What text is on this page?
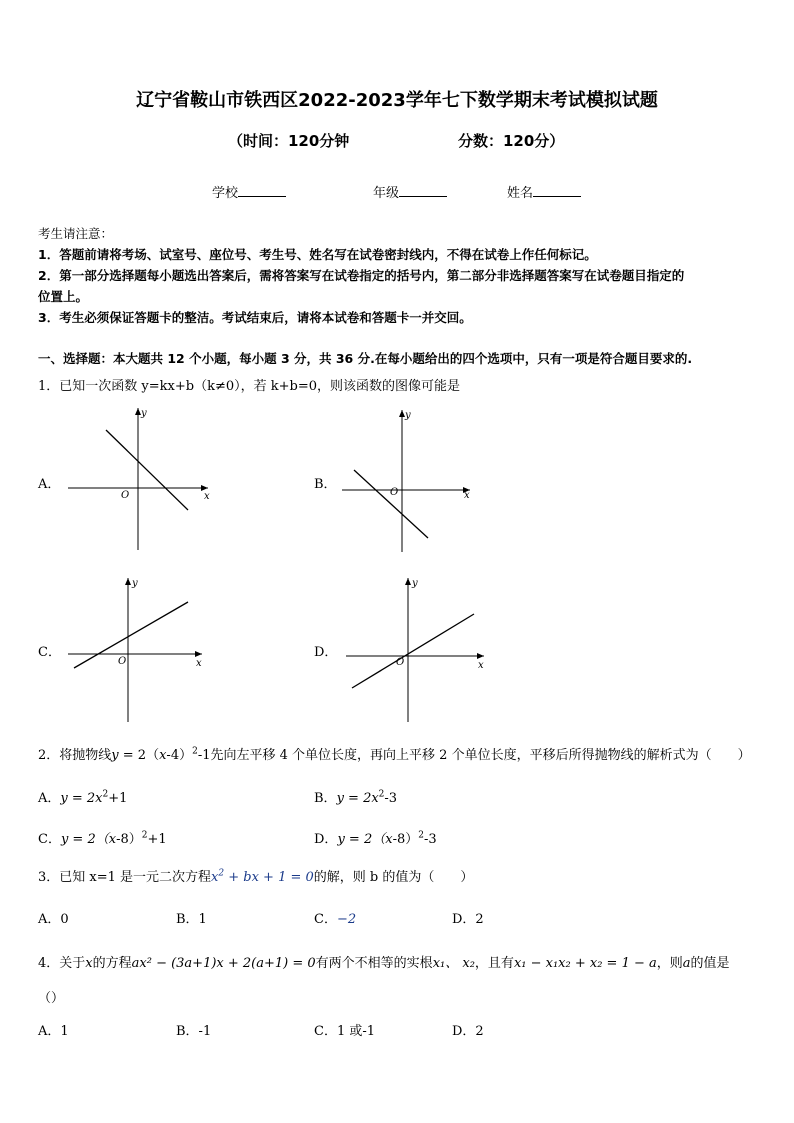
辽宁省鞍山市铁西区2022-2023学年七下数学期末考试模拟试题
（时间：120分钟	分数：120分）
学校	年级	姓名
考生请注意：
1．答题前请将考场、试室号、座位号、考生号、姓名写在试卷密封线内，不得在试卷上作任何标记。
2．第一部分选择题每小题选出答案后，需将答案写在试卷指定的括号内，第二部分非选择题答案写在试卷题目指定的
位置上。
3．考生必须保证答题卡的整洁。考试结束后，请将本试卷和答题卡一并交回。
一、选择题：本大题共 12 个小题，每小题 3 分，共 36 分.在每小题给出的四个选项中，只有一项是符合题目要求的.
1．已知一次函数 y=kx+b（k≠0），若 k+b=0，则该函数的图像可能是
A．	B．
C．	D．
O	x
y
O	x
y
O	x
y
O	x
y
2．将抛物线$y = 2(x-4)^2-1$先向左平移 4 个单位长度，再向上平移 2 个单位长度，平移后所得抛物线的解析式为（　　）
A．$y = 2x^2+1$	B．$y = 2x^2-3$
C．$y = 2(x-8)^2+1$	D．$y = 2(x-8)^2-3$
3．已知 x=1 是一元二次方程$x^2$ + bx + 1 = 0的解，则 b 的值为（　　）
A．0	B．1	C．−2	D．2
4．关于x的方程ax² − (3a+1)x + 2(a+1) = 0有两个不相等的实根x₁、 x₂，且有x₁ − x₁x₂ + x₂ = 1 − a，则a的值是
（）
A．1	B．-1	C．1 或-1	D．2
